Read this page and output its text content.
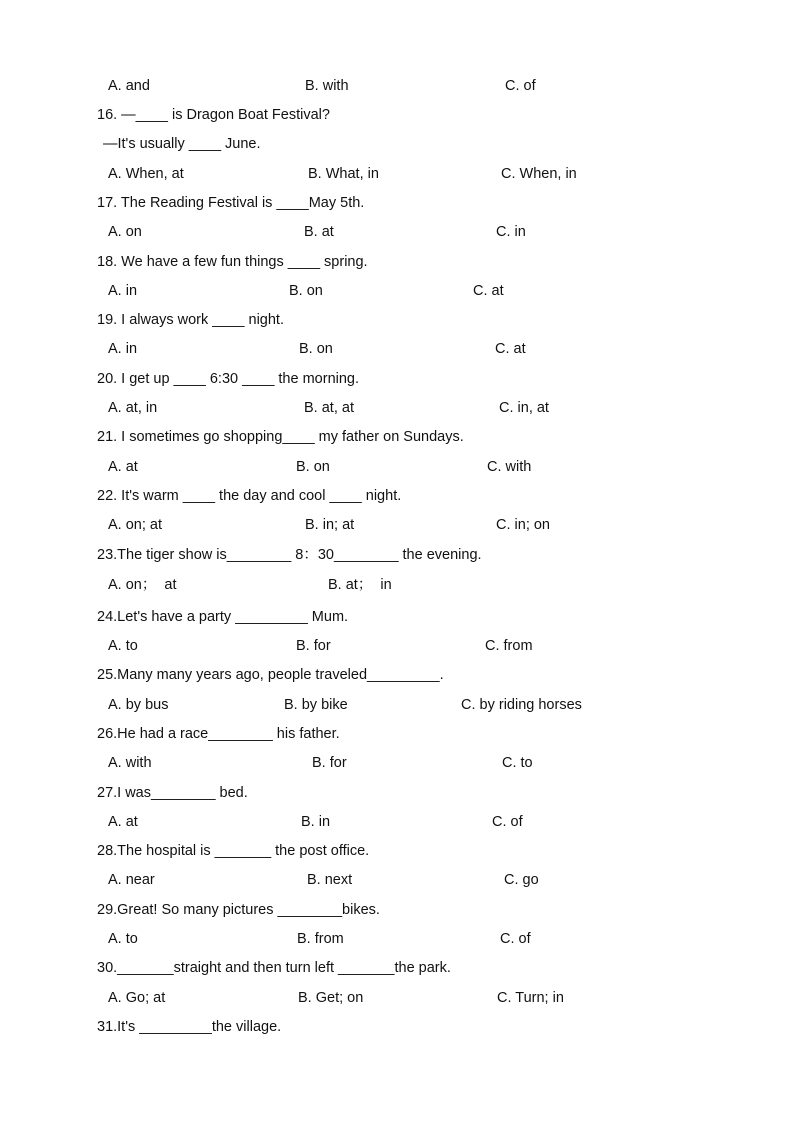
A. and	B. with	C. of
16. —____ is Dragon Boat Festival?
—It's usually ____ June.
A. When, at	B. What, in	C. When, in
17. The Reading Festival is ____May 5th.
A. on	B. at	C. in
18. We have a few fun things ____ spring.
A. in	B. on	C. at
19. I always work ____ night.
A. in	B. on	C. at
20. I get up ____ 6:30 ____ the morning.
A. at, in	B. at, at	C. in, at
21. I sometimes go shopping____ my father on Sundays.
A. at	B. on	C. with
22. It's warm ____ the day and cool ____ night.
A. on; at	B. in; at	C. in; on
23.The tiger show is________ 8：30________ the evening.
A. on；  at	B. at；  in
24.Let's have a party _________ Mum.
A. to	B. for	C. from
25.Many many years ago, people traveled_________.
A. by bus	B. by bike	C. by riding horses
26.He had a race________ his father.
A. with	B. for	C. to
27.I was________ bed.
A. at	B. in	C. of
28.The hospital is _______ the post office.
A. near	B. next	C. go
29.Great! So many pictures ________bikes.
A. to	B. from	C. of
30._______straight and then turn left _______the park.
A. Go; at	B. Get; on	C. Turn; in
31.It's _________the village.
